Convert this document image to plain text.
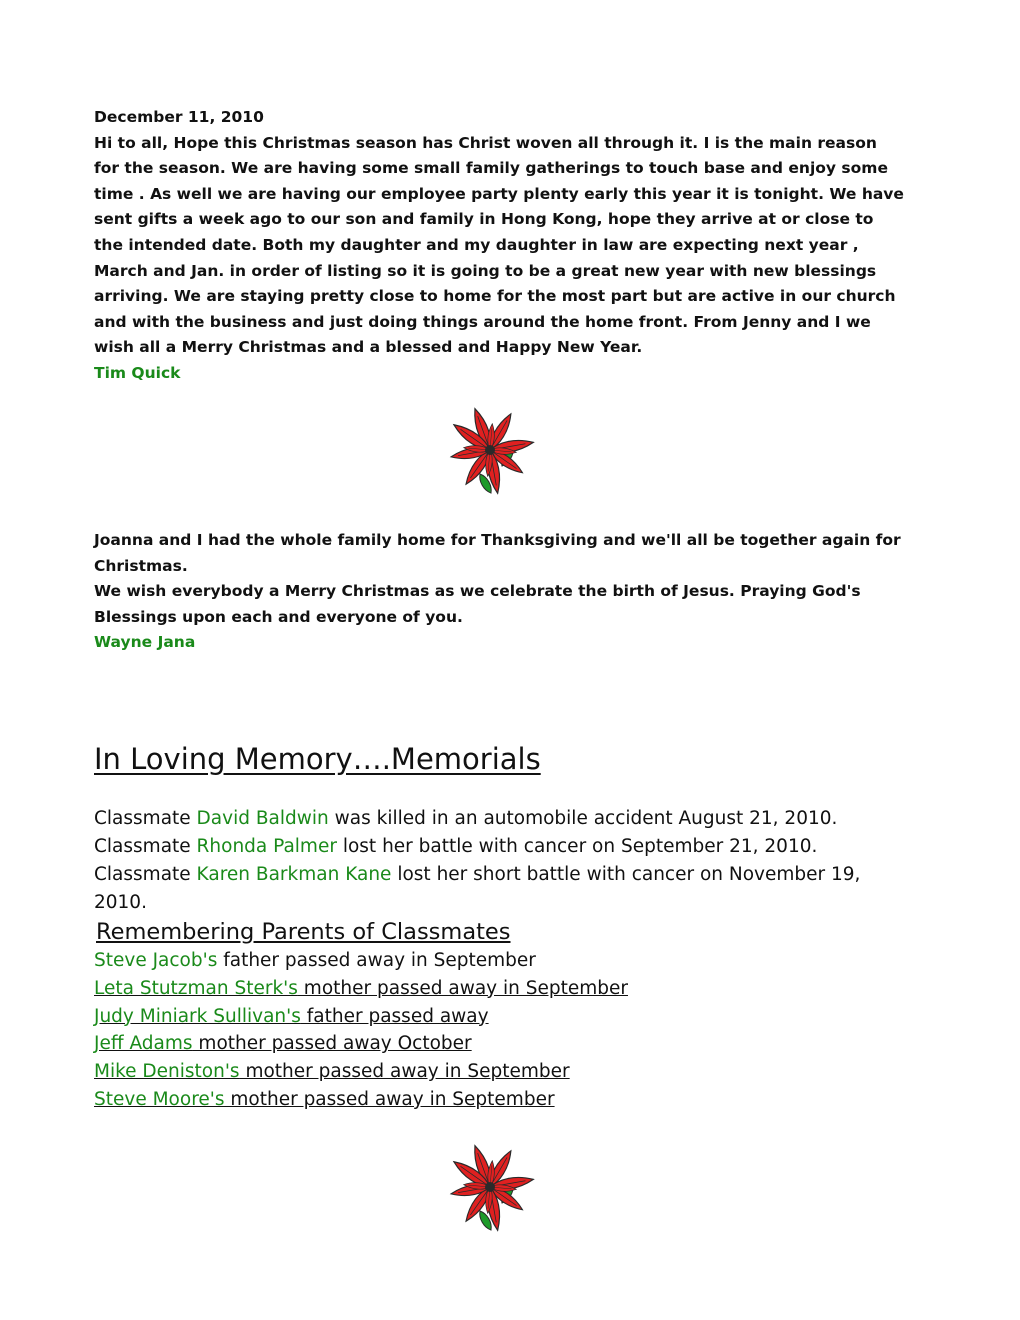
December 11, 2010

Hi to all, Hope this Christmas season has Christ woven all through it. I is the main reason for the season. We are having some small family gatherings to touch base and enjoy some time . As well we are having our employee party plenty early this year it is tonight. We have sent gifts a week ago to our son and family in Hong Kong, hope they arrive at or close to the intended date. Both my daughter and my daughter in law are expecting next year , March and Jan. in order of listing so it is going to be a great new year with new blessings arriving. We are staying pretty close to home for the most part but are active in our church and with the business and just doing things around the home front. From Jenny and I we wish all a Merry Christmas and a blessed and Happy New Year.

Tim Quick

Joanna and I had the whole family home for Thanksgiving and we'll all be together again for Christmas.

We wish everybody a Merry Christmas as we celebrate the birth of Jesus. Praying God's Blessings upon each and everyone of you.

Wayne Jana

In Loving Memory….Memorials

Classmate David Baldwin was killed in an automobile accident August 21, 2010.

Classmate Rhonda Palmer lost her battle with cancer on September 21, 2010.

Classmate Karen Barkman Kane lost her short battle with cancer on November 19, 2010.

Remembering Parents of Classmates

Steve Jacob's father passed away in September

Leta Stutzman Sterk's mother passed away in September

Judy Miniark Sullivan's father passed away

Jeff Adams mother passed away October

Mike Deniston's mother passed away in September

Steve Moore's mother passed away in September
